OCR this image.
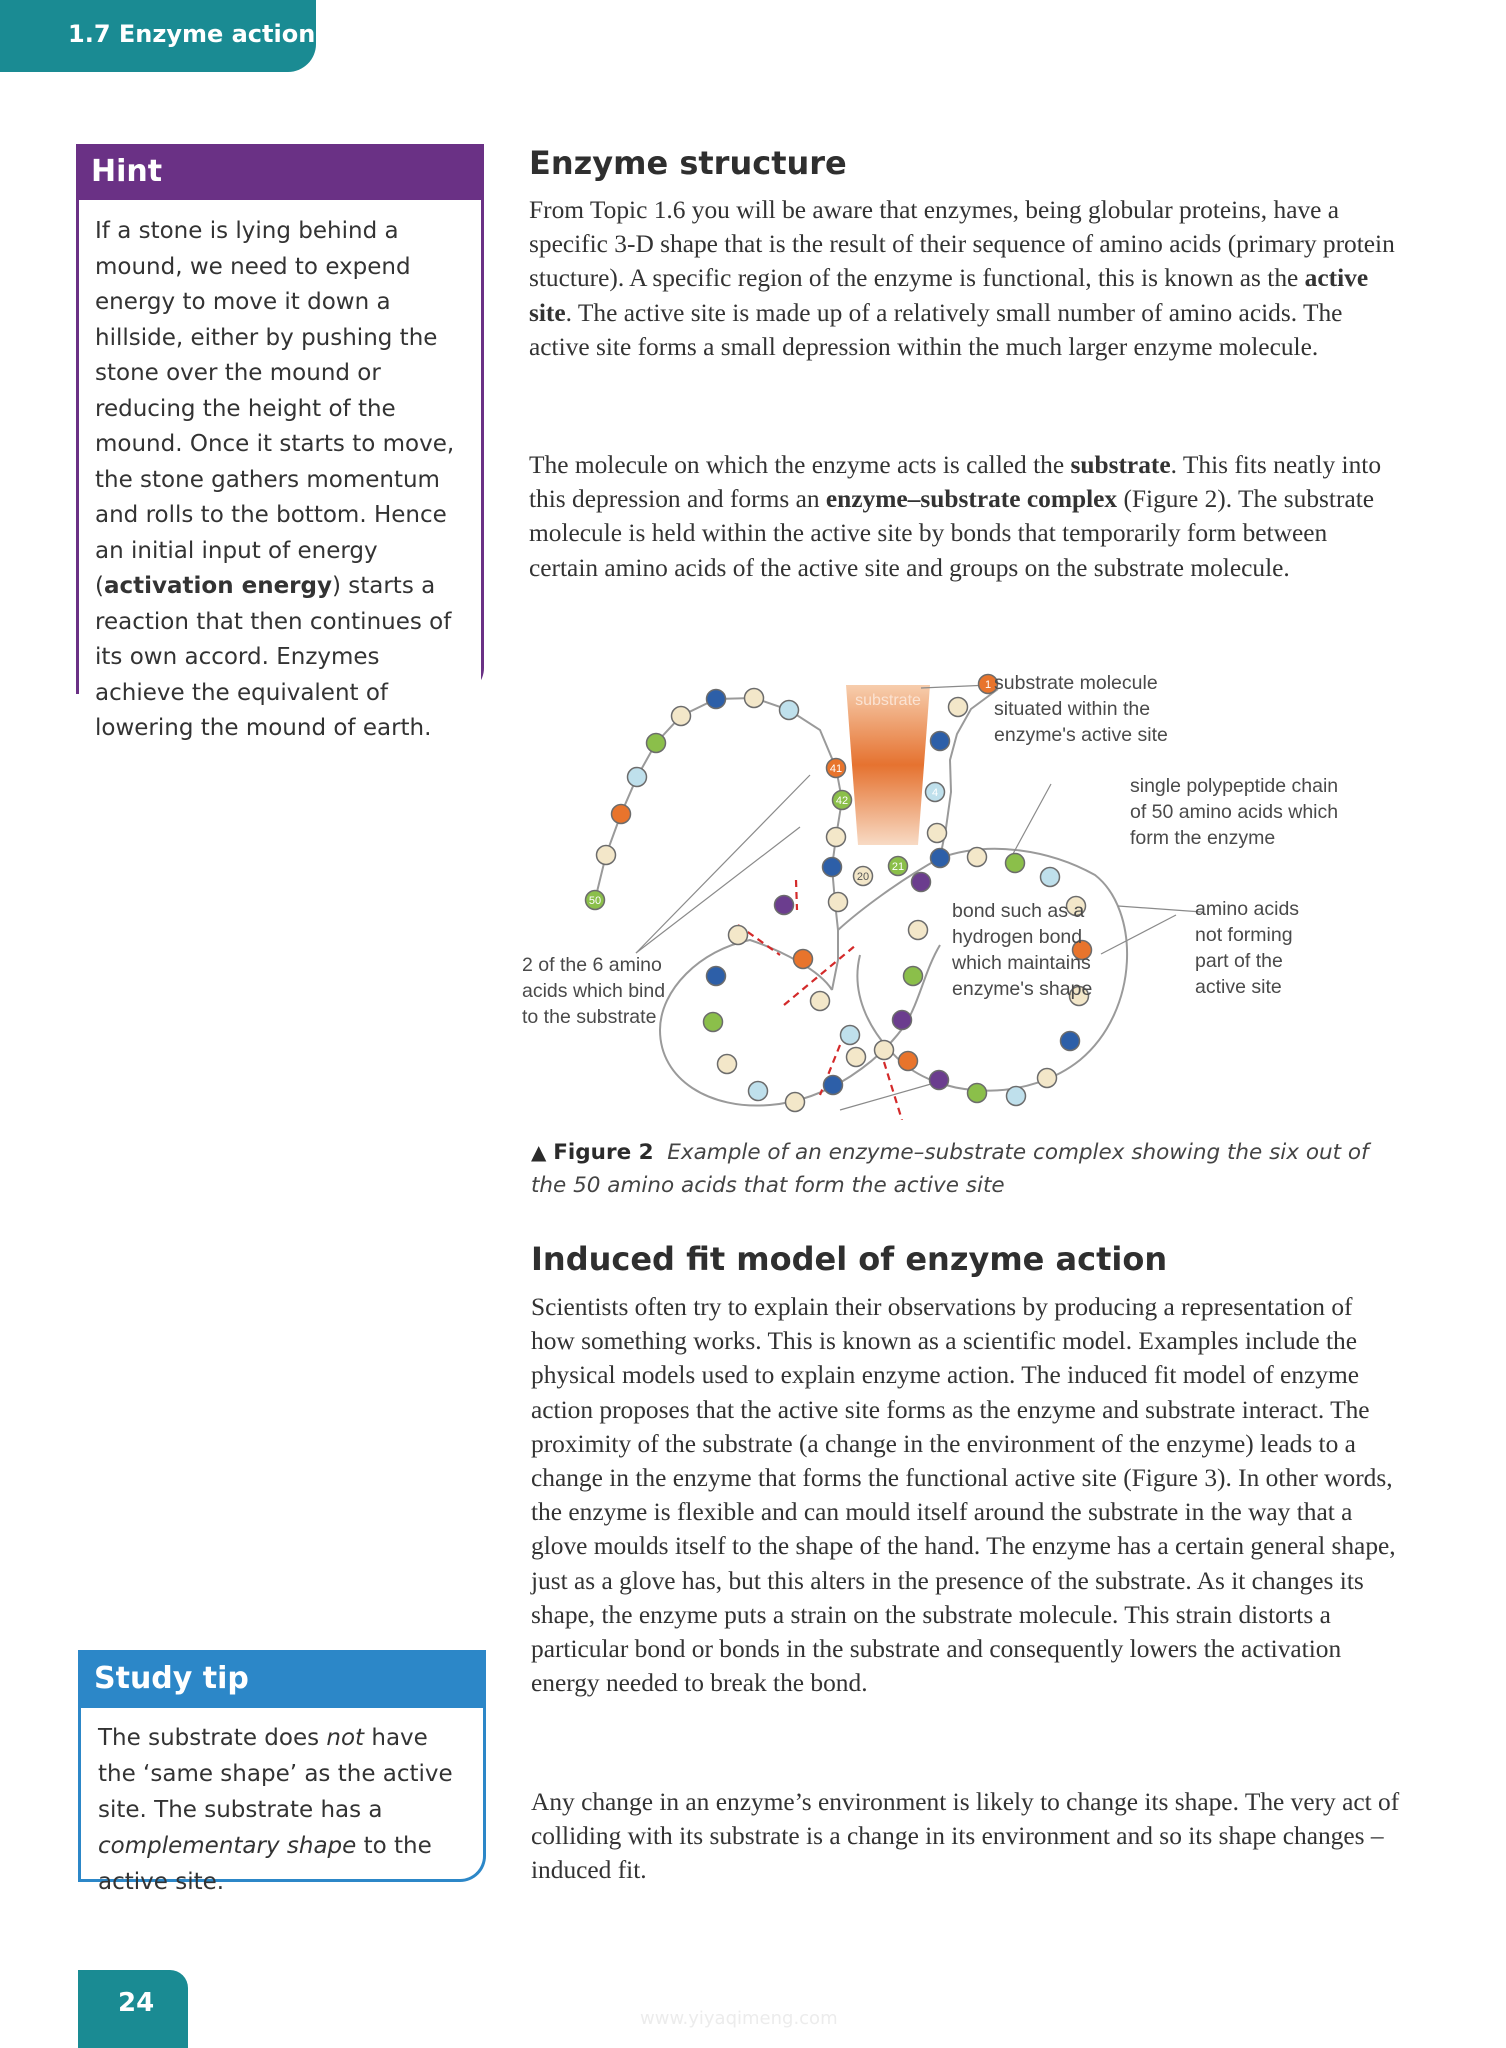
1.7 Enzyme action
Hint
If a stone is lying behind a mound, we need to expend energy to move it down a hillside, either by pushing the stone over the mound or reducing the height of the mound. Once it starts to move, the stone gathers momentum and rolls to the bottom. Hence an initial input of energy (activation energy) starts a reaction that then continues of its own accord. Enzymes achieve the equivalent of lowering the mound of earth.
Study tip
The substrate does not have the ‘same shape’ as the active site. The substrate has a complementary shape to the active site.
Enzyme structure

From Topic 1.6 you will be aware that enzymes, being globular proteins, have a specific 3-D shape that is the result of their sequence of amino acids (primary protein stucture). A specific region of the enzyme is functional, this is known as the active site. The active site is made up of a relatively small number of amino acids. The active site forms a small depression within the much larger enzyme molecule.

The molecule on which the enzyme acts is called the substrate. This fits neatly into this depression and forms an enzyme–substrate complex (Figure 2). The substrate molecule is held within the active site by bonds that temporarily form between certain amino acids of the active site and groups on the substrate molecule.

substrate
1
4
41
42
20
21
50
substrate molecule
situated within the
enzyme's active site
single polypeptide chain
of 50 amino acids which
form the enzyme
bond such as a
hydrogen bond
which maintains
enzyme's shape
amino acids
not forming
part of the
active site
2 of the 6 amino
acids which bind
to the substrate
▲ Figure 2 Example of an enzyme–substrate complex showing the six out of the 50 amino acids that form the active site
Induced fit model of enzyme action

Scientists often try to explain their observations by producing a representation of how something works. This is known as a scientific model. Examples include the physical models used to explain enzyme action. The induced fit model of enzyme action proposes that the active site forms as the enzyme and substrate interact. The proximity of the substrate (a change in the environment of the enzyme) leads to a change in the enzyme that forms the functional active site (Figure 3). In other words, the enzyme is flexible and can mould itself around the substrate in the way that a glove moulds itself to the shape of the hand. The enzyme has a certain general shape, just as a glove has, but this alters in the presence of the substrate. As it changes its shape, the enzyme puts a strain on the substrate molecule. This strain distorts a particular bond or bonds in the substrate and consequently lowers the activation energy needed to break the bond.

Any change in an enzyme’s environment is likely to change its shape. The very act of colliding with its substrate is a change in its environment and so its shape changes – induced fit.

24
www.yiyaqimeng.com
